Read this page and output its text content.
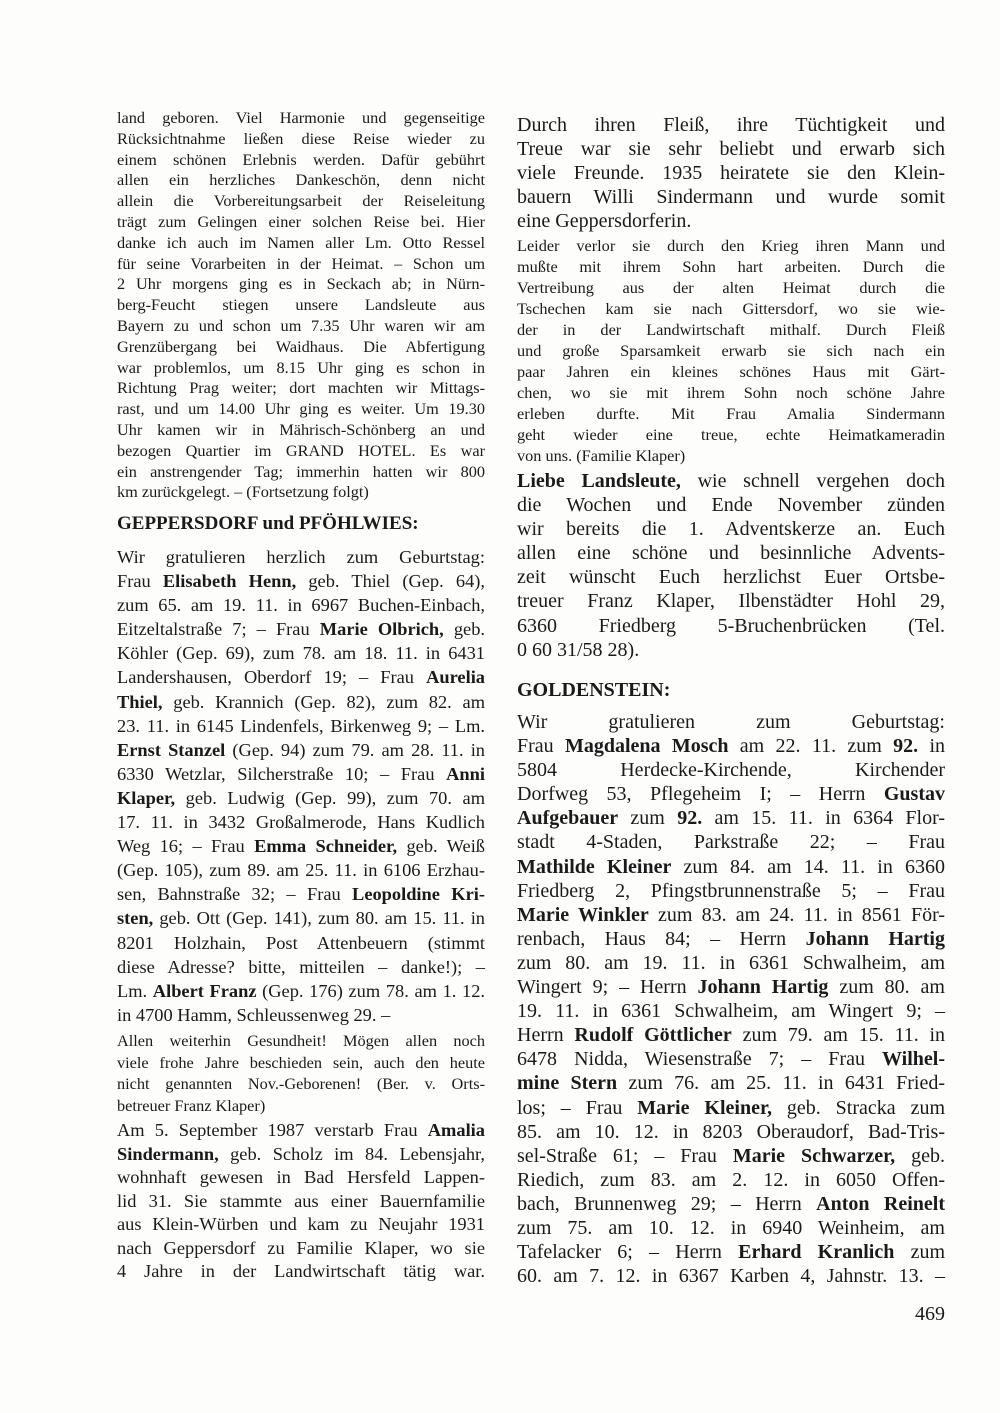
land geboren. Viel Harmonie und gegenseitige
Rücksichtnahme ließen diese Reise wieder zu
einem schönen Erlebnis werden. Dafür gebührt
allen ein herzliches Dankeschön, denn nicht
allein die Vorbereitungsarbeit der Reiseleitung
trägt zum Gelingen einer solchen Reise bei. Hier
danke ich auch im Namen aller Lm. Otto Ressel
für seine Vorarbeiten in der Heimat. – Schon um
2 Uhr morgens ging es in Seckach ab; in Nürn-
berg-Feucht stiegen unsere Landsleute aus
Bayern zu und schon um 7.35 Uhr waren wir am
Grenzübergang bei Waidhaus. Die Abfertigung
war problemlos, um 8.15 Uhr ging es schon in
Richtung Prag weiter; dort machten wir Mittags-
rast, und um 14.00 Uhr ging es weiter. Um 19.30
Uhr kamen wir in Mährisch-Schönberg an und
bezogen Quartier im GRAND HOTEL. Es war
ein anstrengender Tag; immerhin hatten wir 800
km zurückgelegt. – (Fortsetzung folgt)
GEPPERSDORF und PFÖHLWIES:
Wir gratulieren herzlich zum Geburtstag:
Frau Elisabeth Henn, geb. Thiel (Gep. 64),
zum 65. am 19. 11. in 6967 Buchen-Einbach,
Eitzeltalstraße 7; – Frau Marie Olbrich, geb.
Köhler (Gep. 69), zum 78. am 18. 11. in 6431
Landershausen, Oberdorf 19; – Frau Aurelia
Thiel, geb. Krannich (Gep. 82), zum 82. am
23. 11. in 6145 Lindenfels, Birkenweg 9; – Lm.
Ernst Stanzel (Gep. 94) zum 79. am 28. 11. in
6330 Wetzlar, Silcherstraße 10; – Frau Anni
Klaper, geb. Ludwig (Gep. 99), zum 70. am
17. 11. in 3432 Großalmerode, Hans Kudlich
Weg 16; – Frau Emma Schneider, geb. Weiß
(Gep. 105), zum 89. am 25. 11. in 6106 Erzhau-
sen, Bahnstraße 32; – Frau Leopoldine Kri-
sten, geb. Ott (Gep. 141), zum 80. am 15. 11. in
8201 Holzhain, Post Attenbeuern (stimmt
diese Adresse? bitte, mitteilen – danke!); –
Lm. Albert Franz (Gep. 176) zum 78. am 1. 12.
in 4700 Hamm, Schleussenweg 29. –
Allen weiterhin Gesundheit! Mögen allen noch
viele frohe Jahre beschieden sein, auch den heute
nicht genannten Nov.-Geborenen! (Ber. v. Orts-
betreuer Franz Klaper)
Am 5. September 1987 verstarb Frau Amalia
Sindermann, geb. Scholz im 84. Lebensjahr,
wohnhaft gewesen in Bad Hersfeld Lappen-
lid 31. Sie stammte aus einer Bauernfamilie
aus Klein-Würben und kam zu Neujahr 1931
nach Geppersdorf zu Familie Klaper, wo sie
4 Jahre in der Landwirtschaft tätig war.
Durch ihren Fleiß, ihre Tüchtigkeit und
Treue war sie sehr beliebt und erwarb sich
viele Freunde. 1935 heiratete sie den Klein-
bauern Willi Sindermann und wurde somit
eine Geppersdorferin.
Leider verlor sie durch den Krieg ihren Mann und
mußte mit ihrem Sohn hart arbeiten. Durch die
Vertreibung aus der alten Heimat durch die
Tschechen kam sie nach Gittersdorf, wo sie wie-
der in der Landwirtschaft mithalf. Durch Fleiß
und große Sparsamkeit erwarb sie sich nach ein
paar Jahren ein kleines schönes Haus mit Gärt-
chen, wo sie mit ihrem Sohn noch schöne Jahre
erleben durfte. Mit Frau Amalia Sindermann
geht wieder eine treue, echte Heimatkameradin
von uns. (Familie Klaper)
Liebe Landsleute, wie schnell vergehen doch
die Wochen und Ende November zünden
wir bereits die 1. Adventskerze an. Euch
allen eine schöne und besinnliche Advents-
zeit wünscht Euch herzlichst Euer Ortsbe-
treuer Franz Klaper, Ilbenstädter Hohl 29,
6360 Friedberg 5-Bruchenbrücken (Tel.
0 60 31/58 28).
GOLDENSTEIN:
Wir gratulieren zum Geburtstag:
Frau Magdalena Mosch am 22. 11. zum 92. in
5804 Herdecke-Kirchende, Kirchender
Dorfweg 53, Pflegeheim I; – Herrn Gustav
Aufgebauer zum 92. am 15. 11. in 6364 Flor-
stadt 4-Staden, Parkstraße 22; – Frau
Mathilde Kleiner zum 84. am 14. 11. in 6360
Friedberg 2, Pfingstbrunnenstraße 5; – Frau
Marie Winkler zum 83. am 24. 11. in 8561 För-
renbach, Haus 84; – Herrn Johann Hartig
zum 80. am 19. 11. in 6361 Schwalheim, am
Wingert 9; – Herrn Johann Hartig zum 80. am
19. 11. in 6361 Schwalheim, am Wingert 9; –
Herrn Rudolf Göttlicher zum 79. am 15. 11. in
6478 Nidda, Wiesenstraße 7; – Frau Wilhel-
mine Stern zum 76. am 25. 11. in 6431 Fried-
los; – Frau Marie Kleiner, geb. Stracka zum
85. am 10. 12. in 8203 Oberaudorf, Bad-Tris-
sel-Straße 61; – Frau Marie Schwarzer, geb.
Riedich, zum 83. am 2. 12. in 6050 Offen-
bach, Brunnenweg 29; – Herrn Anton Reinelt
zum 75. am 10. 12. in 6940 Weinheim, am
Tafelacker 6; – Herrn Erhard Kranlich zum
60. am 7. 12. in 6367 Karben 4, Jahnstr. 13. –
469
